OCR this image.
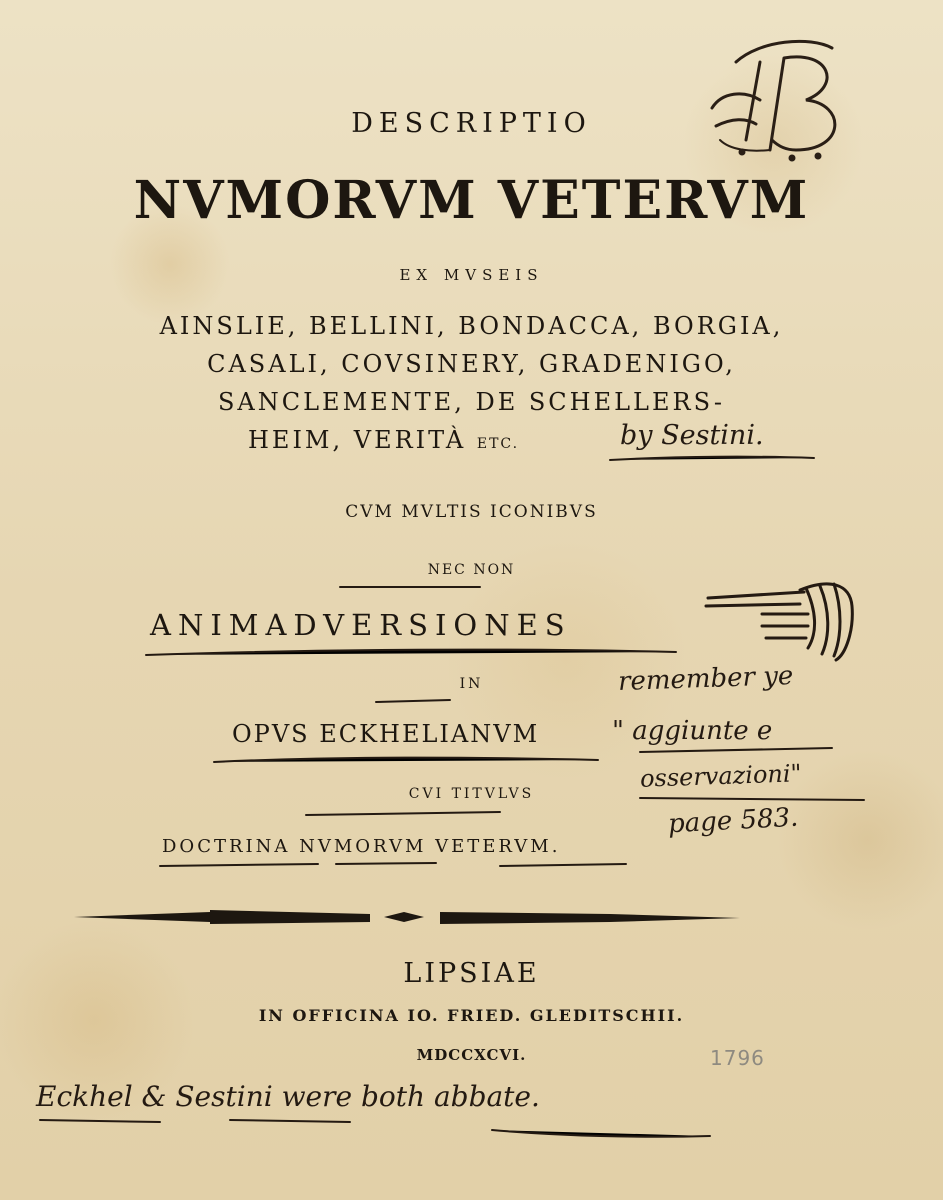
DESCRIPTIO
NVMORVM VETERVM
EX MVSEIS
AINSLIE, BELLINI, BONDACCA, BORGIA,
CASALI, COVSINERY, GRADENIGO,
SANCLEMENTE, DE SCHELLERS-
HEIM, VERITÀ ETC.
CVM MVLTIS ICONIBVS
NEC NON
ANIMADVERSIONES
IN
OPVS ECKHELIANVM
CVI TITVLVS
DOCTRINA NVMORVM VETERVM.
LIPSIAE
IN OFFICINA IO. FRIED. GLEDITSCHII.
MDCCXCVI.
by Sestini.
remember ye
" aggiunte e
osservazioni"
page 583.
1796
Eckhel & Sestini were both abbate.
